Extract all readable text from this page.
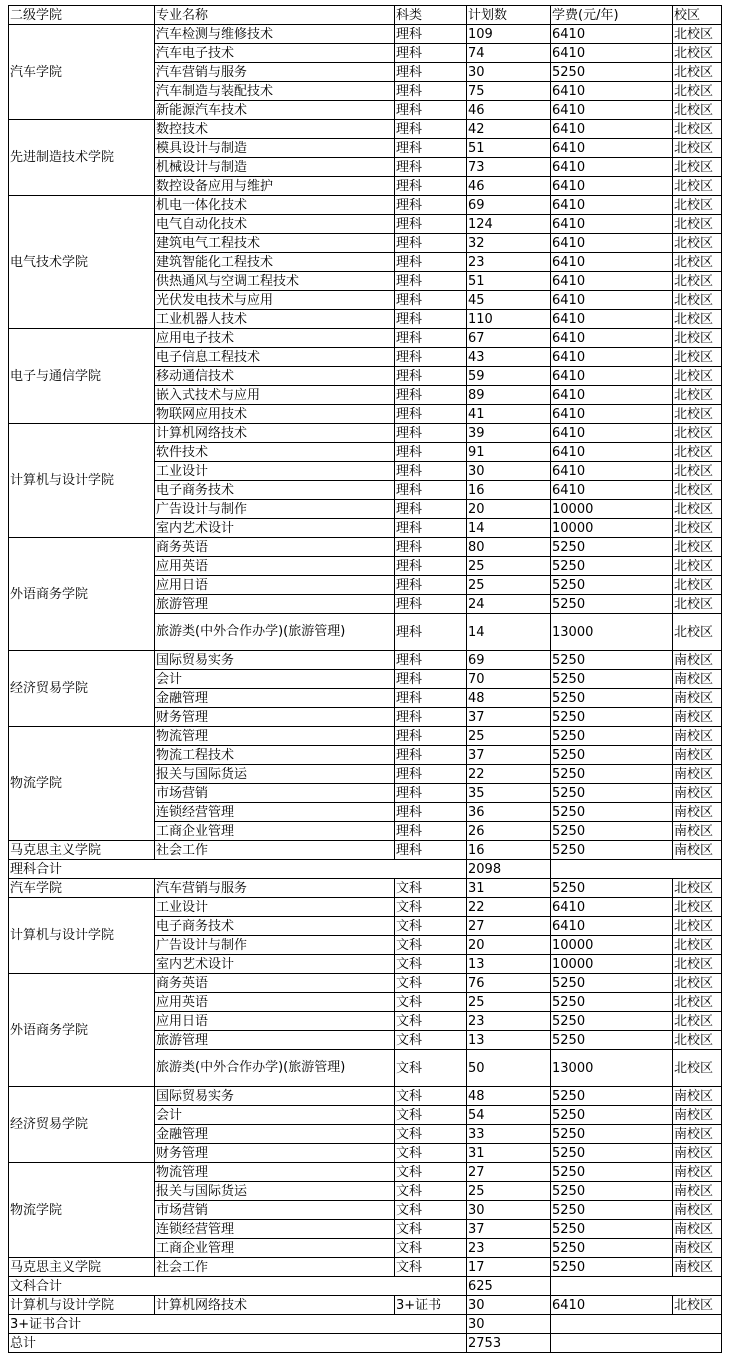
二级学院	专业名称	科类	计划数	学费(元/年)	校区
汽车学院	汽车检测与维修技术	理科	109	6410	北校区
	汽车电子技术	理科	74	6410	北校区
	汽车营销与服务	理科	30	5250	北校区
	汽车制造与装配技术	理科	75	6410	北校区
	新能源汽车技术	理科	46	6410	北校区
先进制造技术学院	数控技术	理科	42	6410	北校区
	模具设计与制造	理科	51	6410	北校区
	机械设计与制造	理科	73	6410	北校区
	数控设备应用与维护	理科	46	6410	北校区
电气技术学院	机电一体化技术	理科	69	6410	北校区
	电气自动化技术	理科	124	6410	北校区
	建筑电气工程技术	理科	32	6410	北校区
	建筑智能化工程技术	理科	23	6410	北校区
	供热通风与空调工程技术	理科	51	6410	北校区
	光伏发电技术与应用	理科	45	6410	北校区
	工业机器人技术	理科	110	6410	北校区
电子与通信学院	应用电子技术	理科	67	6410	北校区
	电子信息工程技术	理科	43	6410	北校区
	移动通信技术	理科	59	6410	北校区
	嵌入式技术与应用	理科	89	6410	北校区
	物联网应用技术	理科	41	6410	北校区
计算机与设计学院	计算机网络技术	理科	39	6410	北校区
	软件技术	理科	91	6410	北校区
	工业设计	理科	30	6410	北校区
	电子商务技术	理科	16	6410	北校区
	广告设计与制作	理科	20	10000	北校区
	室内艺术设计	理科	14	10000	北校区
外语商务学院	商务英语	理科	80	5250	北校区
	应用英语	理科	25	5250	北校区
	应用日语	理科	25	5250	北校区
	旅游管理	理科	24	5250	北校区
	旅游类(中外合作办学)(旅游管理)	理科	14	13000	北校区
经济贸易学院	国际贸易实务	理科	69	5250	南校区
	会计	理科	70	5250	南校区
	金融管理	理科	48	5250	南校区
	财务管理	理科	37	5250	南校区
物流学院	物流管理	理科	25	5250	南校区
	物流工程技术	理科	37	5250	南校区
	报关与国际货运	理科	22	5250	南校区
	市场营销	理科	35	5250	南校区
	连锁经营管理	理科	36	5250	南校区
	工商企业管理	理科	26	5250	南校区
马克思主义学院	社会工作	理科	16	5250	南校区
理科合计			2098		
汽车学院	汽车营销与服务	文科	31	5250	北校区
计算机与设计学院	工业设计	文科	22	6410	北校区
	电子商务技术	文科	27	6410	北校区
	广告设计与制作	文科	20	10000	北校区
	室内艺术设计	文科	13	10000	北校区
外语商务学院	商务英语	文科	76	5250	北校区
	应用英语	文科	25	5250	北校区
	应用日语	文科	23	5250	北校区
	旅游管理	文科	13	5250	北校区
	旅游类(中外合作办学)(旅游管理)	文科	50	13000	北校区
经济贸易学院	国际贸易实务	文科	48	5250	南校区
	会计	文科	54	5250	南校区
	金融管理	文科	33	5250	南校区
	财务管理	文科	31	5250	南校区
物流学院	物流管理	文科	27	5250	南校区
	报关与国际货运	文科	25	5250	南校区
	市场营销	文科	30	5250	南校区
	连锁经营管理	文科	37	5250	南校区
	工商企业管理	文科	23	5250	南校区
马克思主义学院	社会工作	文科	17	5250	南校区
文科合计			625		
计算机与设计学院	计算机网络技术	3+证书	30	6410	北校区
3+证书合计			30		
总计			2753		
